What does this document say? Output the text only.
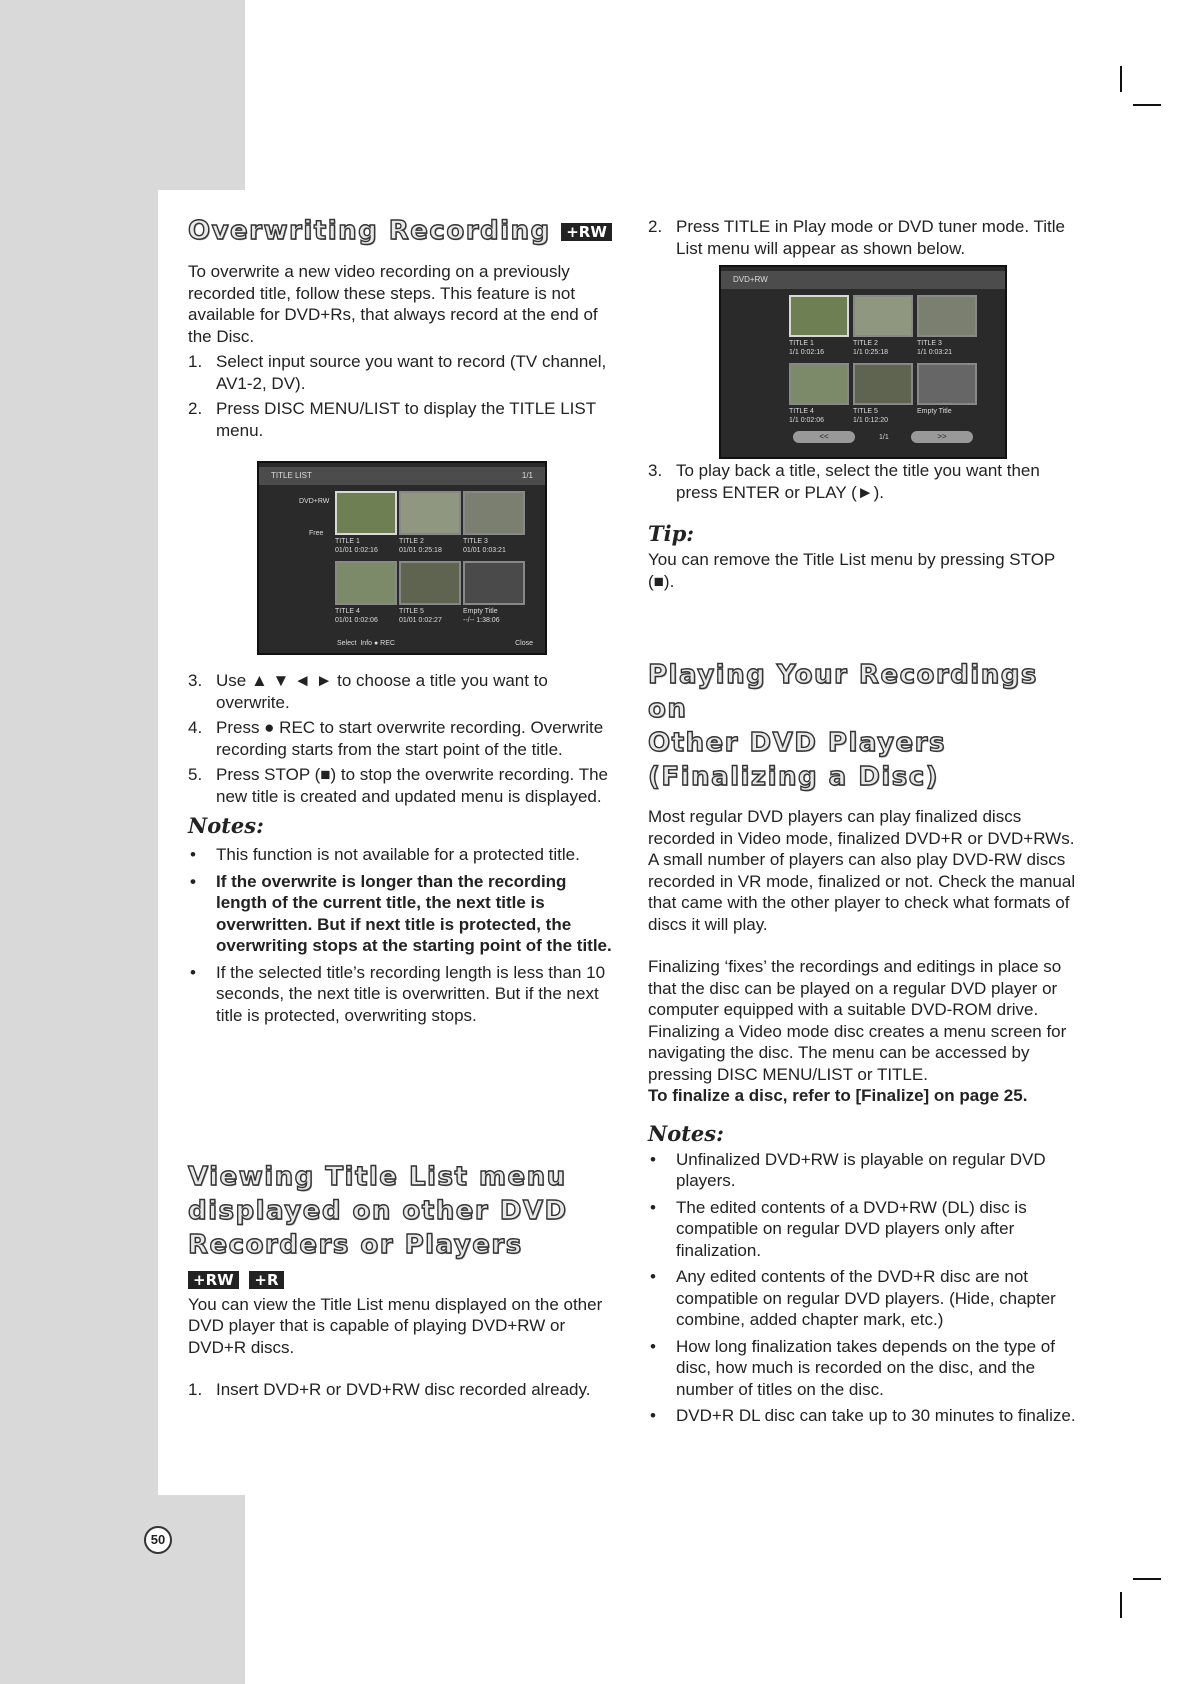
Overwriting Recording +RW

To overwrite a new video recording on a previously recorded title, follow these steps. This feature is not available for DVD+Rs, that always record at the end of the Disc.

1. Select input source you want to record (TV channel, AV1-2, DV).
2. Press DISC MENU/LIST to display the TITLE LIST menu.
TITLE LIST	1/1
DVD+RW
Free
TITLE 1
01/01 0:02:16
TITLE 2
01/01 0:25:18
TITLE 3
01/01 0:03:21
TITLE 4
01/01 0:02:06
TITLE 5
01/01 0:02:27
Empty Title
--/-- 1:38:06
Select Info ● REC	Close
3. Use ▲ ▼ ◄ ► to choose a title you want to overwrite.
4. Press ● REC to start overwrite recording. Overwrite recording starts from the start point of the title.
5. Press STOP (■) to stop the overwrite recording. The new title is created and updated menu is displayed.
Notes:
• This function is not available for a protected title.
• If the overwrite is longer than the recording length of the current title, the next title is overwritten. But if next title is protected, the overwriting stops at the starting point of the title.
• If the selected title’s recording length is less than 10 seconds, the next title is overwritten. But if the next title is protected, overwriting stops.
Viewing Title List menu
displayed on other DVD
Recorders or Players
+RW +R

You can view the Title List menu displayed on the other DVD player that is capable of playing DVD+RW or DVD+R discs.

1. Insert DVD+R or DVD+RW disc recorded already.
2. Press TITLE in Play mode or DVD tuner mode. Title List menu will appear as shown below.
DVD+RW
TITLE 1
1/1 0:02:16
TITLE 2
1/1 0:25:18
TITLE 3
1/1 0:03:21
TITLE 4
1/1 0:02:06
TITLE 5
1/1 0:12:20
Empty Title
<<	1/1	>>
3. To play back a title, select the title you want then press ENTER or PLAY (►).
Tip:

You can remove the Title List menu by pressing STOP (■).

Playing Your Recordings on
Other DVD Players
(Finalizing a Disc)

Most regular DVD players can play finalized discs recorded in Video mode, finalized DVD+R or DVD+RWs. A small number of players can also play DVD-RW discs recorded in VR mode, finalized or not. Check the manual that came with the other player to check what formats of discs it will play.

Finalizing ‘fixes’ the recordings and editings in place so that the disc can be played on a regular DVD player or computer equipped with a suitable DVD-ROM drive.

Finalizing a Video mode disc creates a menu screen for navigating the disc. The menu can be accessed by pressing DISC MENU/LIST or TITLE.

To finalize a disc, refer to [Finalize] on page 25.

Notes:
• Unfinalized DVD+RW is playable on regular DVD players.
• The edited contents of a DVD+RW (DL) disc is compatible on regular DVD players only after finalization.
• Any edited contents of the DVD+R disc are not compatible on regular DVD players. (Hide, chapter combine, added chapter mark, etc.)
• How long finalization takes depends on the type of disc, how much is recorded on the disc, and the number of titles on the disc.
• DVD+R DL disc can take up to 30 minutes to finalize.
50
